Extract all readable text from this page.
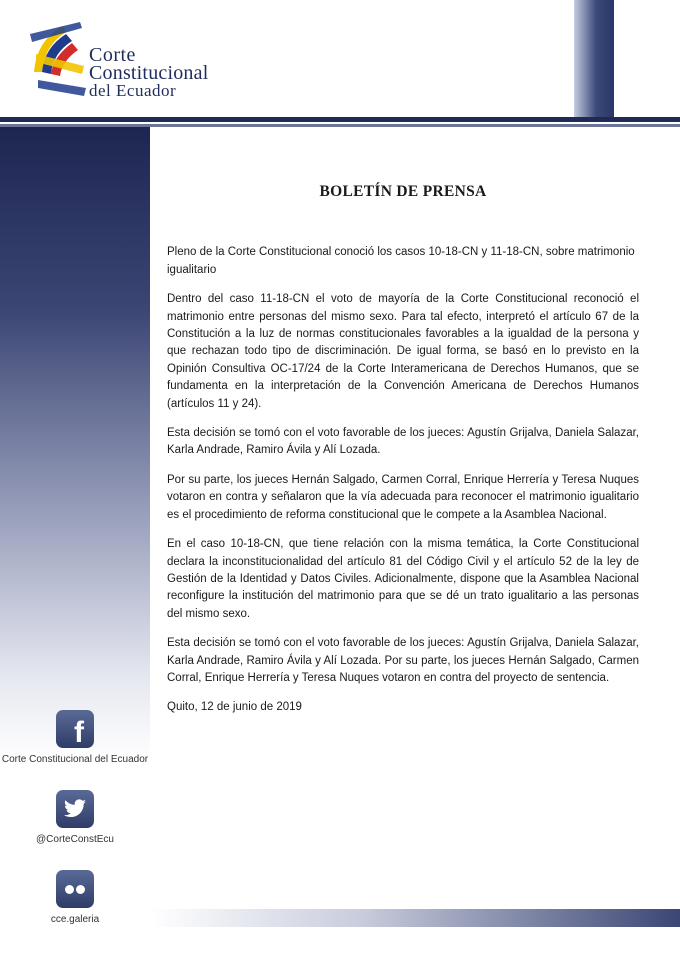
Corte
Constitucional
del Ecuador
f
Corte Constitucional del Ecuador
@CorteConstEcu
cce.galeria
BOLETÍN DE PRENSA
Pleno de la Corte Constitucional conoció los casos 10-18-CN y 11-18-CN, sobre matrimonio igualitario
Dentro del caso 11-18-CN el voto de mayoría de la Corte Constitucional reconoció el matrimonio entre personas del mismo sexo. Para tal efecto, interpretó el artículo 67 de la Constitución a la luz de normas constitucionales favorables a la igualdad de la persona y que rechazan todo tipo de discriminación. De igual forma, se basó en lo previsto en la Opinión Consultiva OC-17/24 de la Corte Interamericana de Derechos Humanos, que se fundamenta en la interpretación de la Convención Americana de Derechos Humanos (artículos 11 y 24).
Esta decisión se tomó con el voto favorable de los jueces: Agustín Grijalva, Daniela Salazar, Karla Andrade, Ramiro Ávila y Alí Lozada.
Por su parte, los jueces Hernán Salgado, Carmen Corral, Enrique Herrería y Teresa Nuques votaron en contra y señalaron que la vía adecuada para reconocer el matrimonio igualitario es el procedimiento de reforma constitucional que le compete a la Asamblea Nacional.
En el caso 10-18-CN, que tiene relación con la misma temática, la Corte Constitucional declara la inconstitucionalidad del artículo 81 del Código Civil y el artículo 52 de la ley de Gestión de la Identidad y Datos Civiles. Adicionalmente, dispone que la Asamblea Nacional reconfigure la institución del matrimonio para que se dé un trato igualitario a las personas del mismo sexo.
Esta decisión se tomó con el voto favorable de los jueces: Agustín Grijalva, Daniela Salazar, Karla Andrade, Ramiro Ávila y Alí Lozada. Por su parte, los jueces Hernán Salgado, Carmen Corral, Enrique Herrería y Teresa Nuques votaron en contra del proyecto de sentencia.
Quito, 12 de junio de 2019
